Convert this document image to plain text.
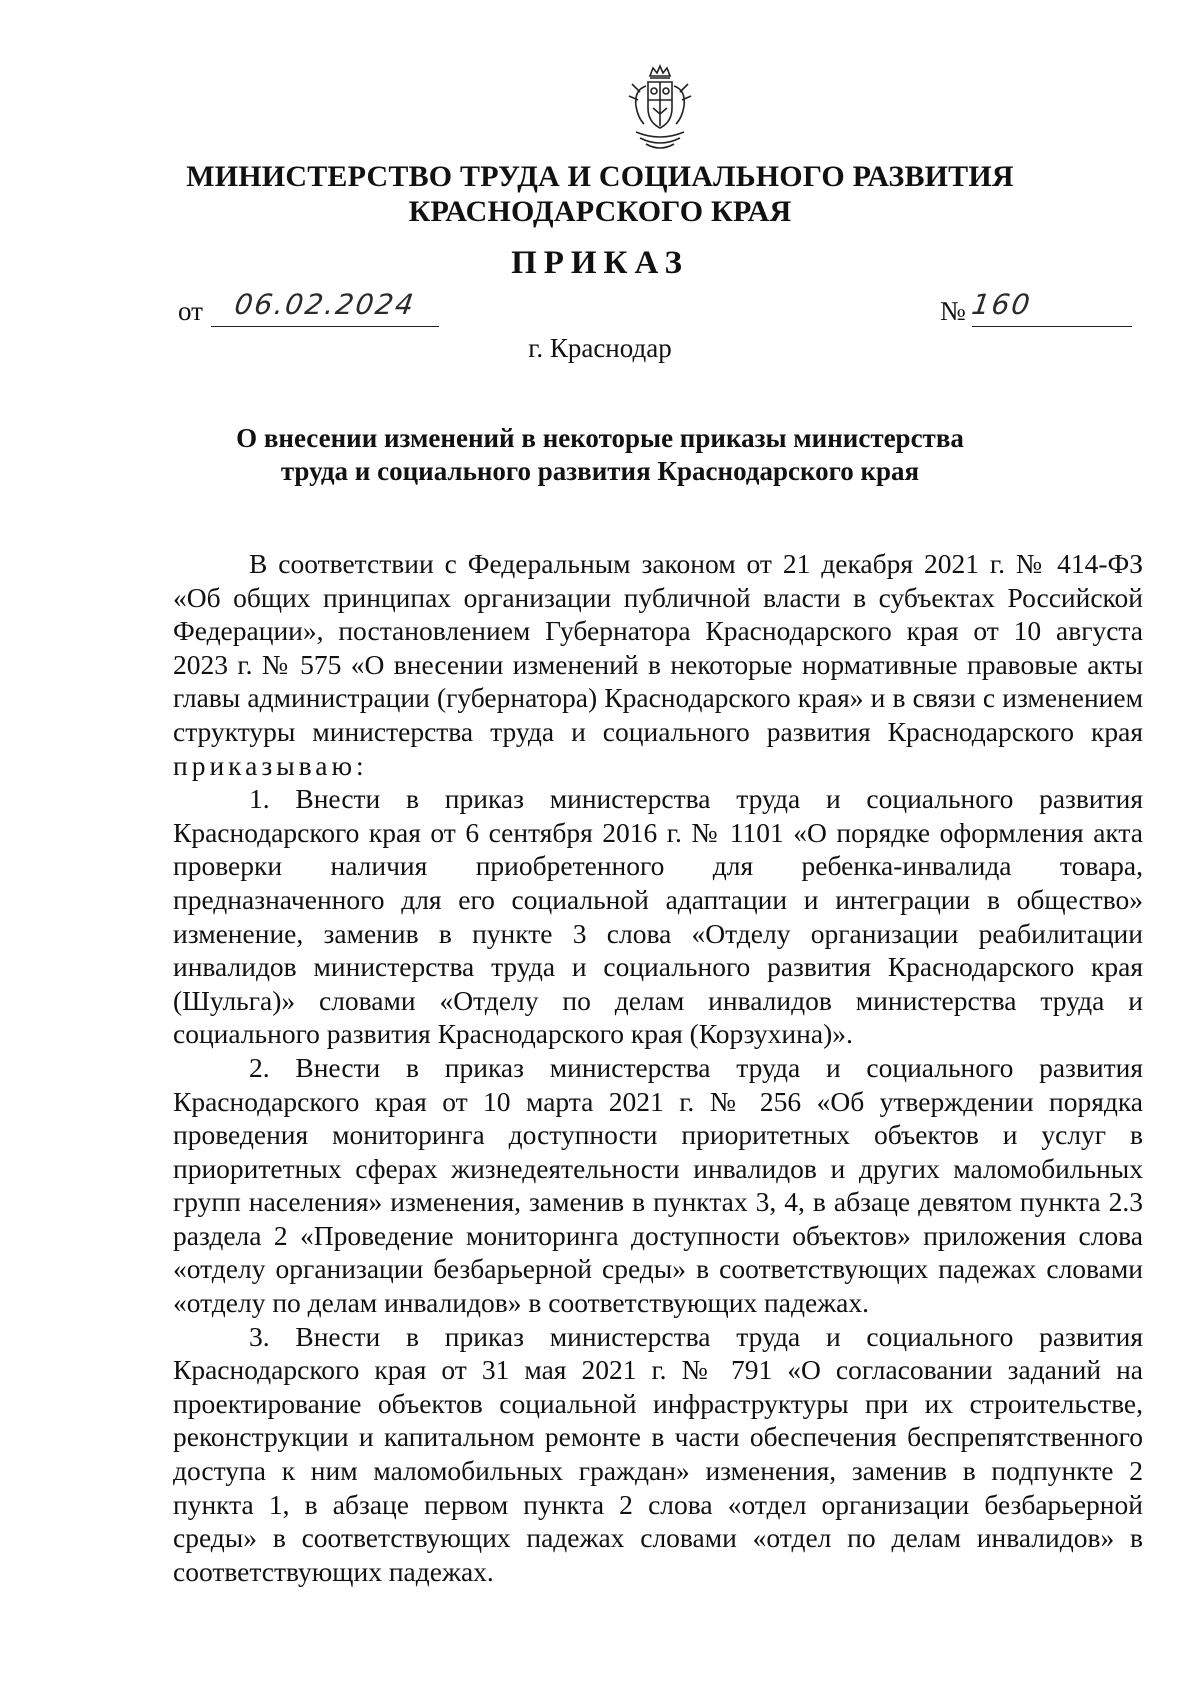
МИНИСТЕРСТВО ТРУДА И СОЦИАЛЬНОГО РАЗВИТИЯ
КРАСНОДАРСКОГО КРАЯ
ПРИКАЗ
от	06.02.2024	№ 160
г. Краснодар
О внесении изменений в некоторые приказы министерства
труда и социального развития Краснодарского края

В соответствии с Федеральным законом от 21 декабря 2021 г. № 414-ФЗ «Об общих принципах организации публичной власти в субъектах Российской Федерации», постановлением Губернатора Краснодарского края от 10 августа 2023 г. № 575 «О внесении изменений в некоторые нормативные правовые акты главы администрации (губернатора) Краснодарского края» и в связи с изменением структуры министерства труда и социального развития Краснодарского края приказываю:

1. Внести в приказ министерства труда и социального развития Краснодарского края от 6 сентября 2016 г. № 1101 «О порядке оформления акта проверки наличия приобретенного для ребенка-инвалида товара, предназначенного для его социальной адаптации и интеграции в общество» изменение, заменив в пункте 3 слова «Отделу организации реабилитации инвалидов министерства труда и социального развития Краснодарского края (Шульга)» словами «Отделу по делам инвалидов министерства труда и социального развития Краснодарского края (Корзухина)».

2. Внести в приказ министерства труда и социального развития Краснодарского края от 10 марта 2021 г. № 256 «Об утверждении порядка проведения мониторинга доступности приоритетных объектов и услуг в приоритетных сферах жизнедеятельности инвалидов и других маломобильных групп населения» изменения, заменив в пунктах 3, 4, в абзаце девятом пункта 2.3 раздела 2 «Проведение мониторинга доступности объектов» приложения слова «отделу организации безбарьерной среды» в соответствующих падежах словами «отделу по делам инвалидов» в соответствующих падежах.

3. Внести в приказ министерства труда и социального развития Краснодарского края от 31 мая 2021 г. № 791 «О согласовании заданий на проектирование объектов социальной инфраструктуры при их строительстве, реконструкции и капитальном ремонте в части обеспечения беспрепятственного доступа к ним маломобильных граждан» изменения, заменив в подпункте 2 пункта 1, в абзаце первом пункта 2 слова «отдел организации безбарьерной среды» в соответствующих падежах словами «отдел по делам инвалидов» в соответствующих падежах.
